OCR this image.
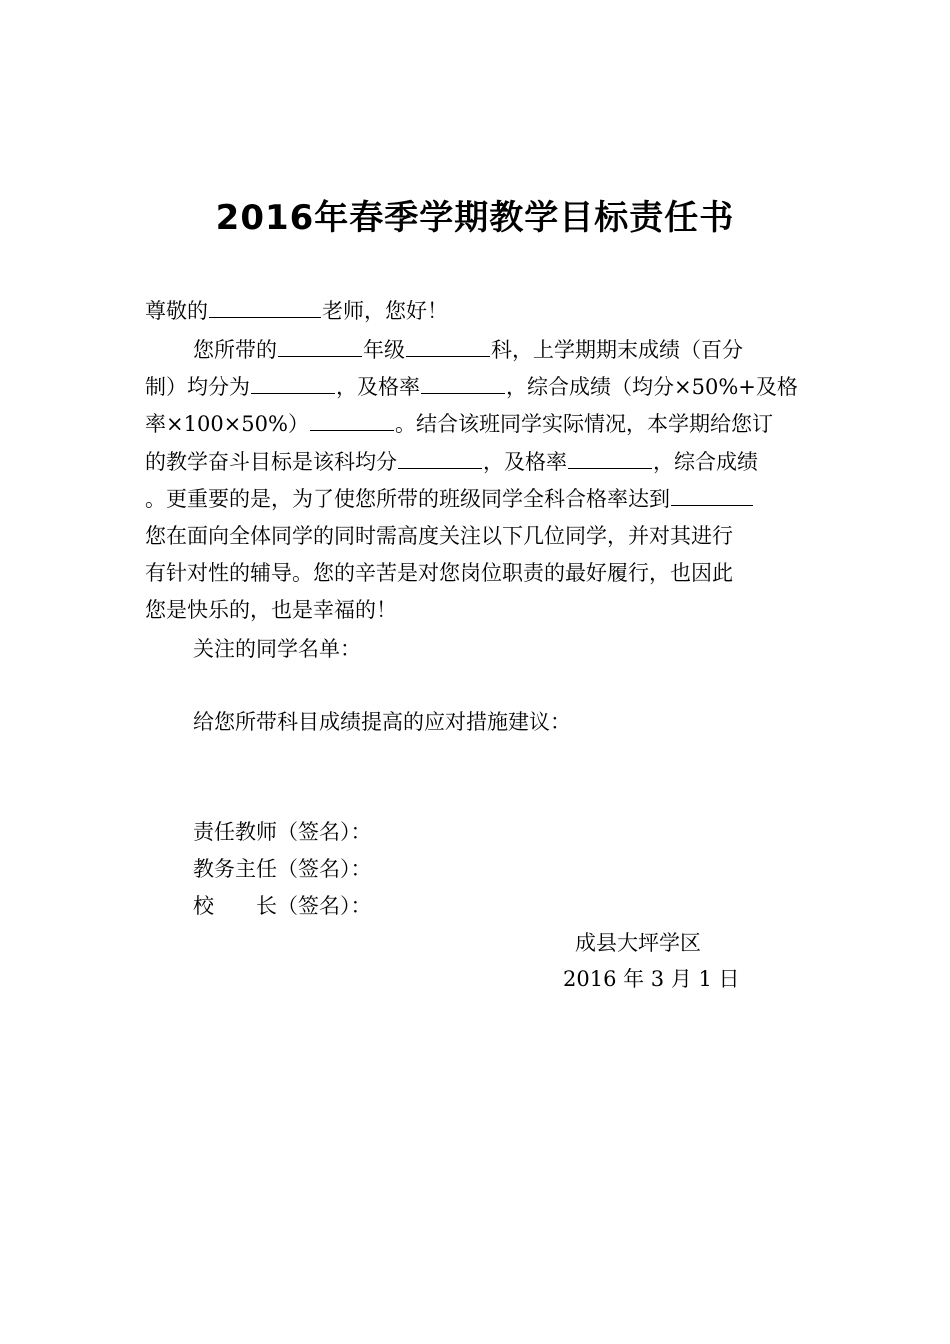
2016年春季学期教学目标责任书
尊敬的	老师，您好！
您所带的	年级	科，上学期期末成绩（百分
制）均分为	，及格率	，综合成绩（均分×50%+及格
率×100×50%）	。结合该班同学实际情况，本学期给您订
的教学奋斗目标是该科均分	，及格率	，综合成绩
。更重要的是，为了使您所带的班级同学全科合格率达到
您在面向全体同学的同时需高度关注以下几位同学，并对其进行
有针对性的辅导。您的辛苦是对您岗位职责的最好履行，也因此
您是快乐的，也是幸福的！
关注的同学名单：
给您所带科目成绩提高的应对措施建议：
责任教师（签名）：
教务主任（签名）：
校 长（签名）：
成县大坪学区
2016 年 3 月 1 日
